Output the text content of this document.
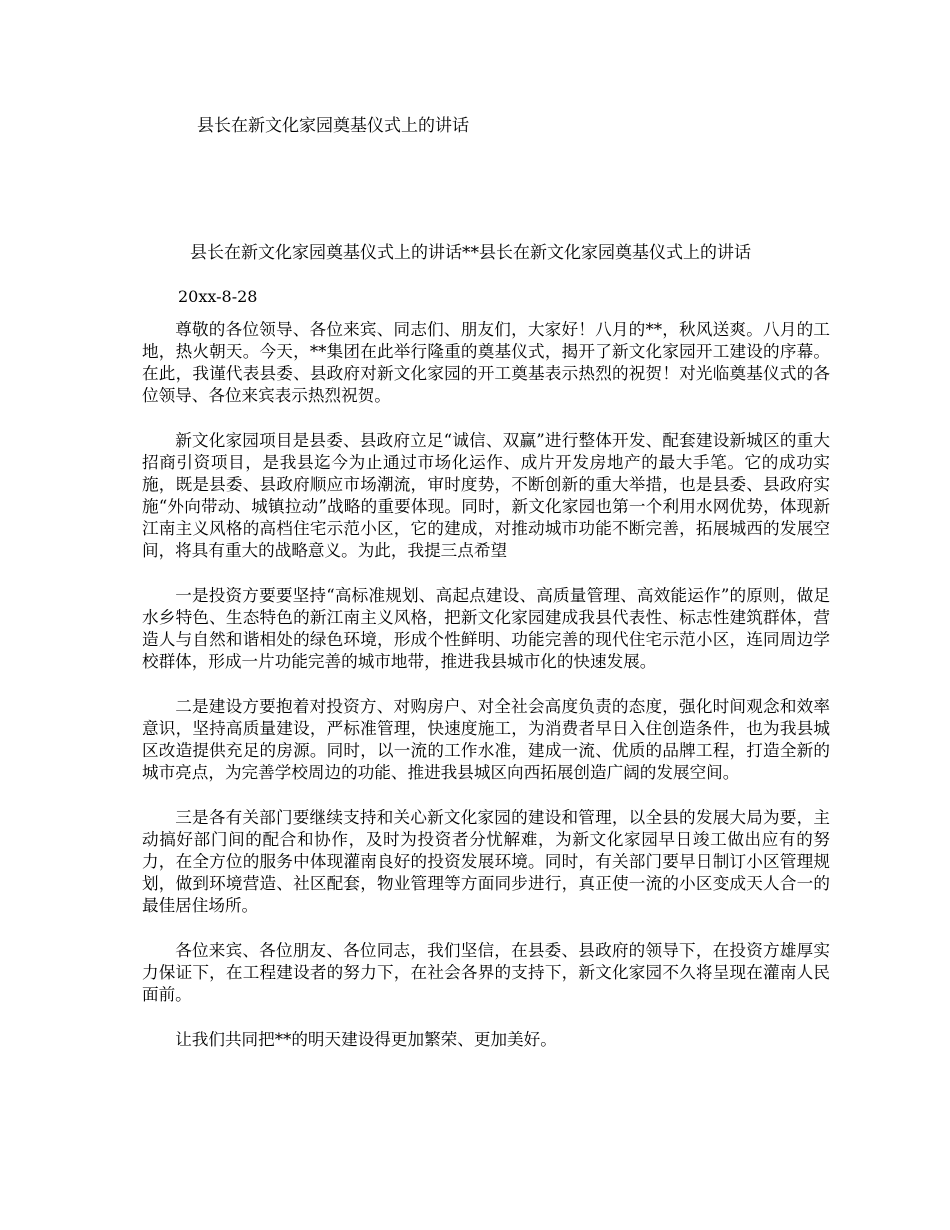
县长在新文化家园奠基仪式上的讲话
县长在新文化家园奠基仪式上的讲话**县长在新文化家园奠基仪式上的讲话
20xx-8-28

尊敬的各位领导、各位来宾、同志们、朋友们，大家好！八月的**，秋风送爽。八月的工地，热火朝天。今天，**集团在此举行隆重的奠基仪式，揭开了新文化家园开工建设的序幕。在此，我谨代表县委、县政府对新文化家园的开工奠基表示热烈的祝贺！对光临奠基仪式的各位领导、各位来宾表示热烈祝贺。

新文化家园项目是县委、县政府立足“诚信、双赢”进行整体开发、配套建设新城区的重大招商引资项目，是我县迄今为止通过市场化运作、成片开发房地产的最大手笔。它的成功实施，既是县委、县政府顺应市场潮流，审时度势，不断创新的重大举措，也是县委、县政府实施“外向带动、城镇拉动”战略的重要体现。同时，新文化家园也第一个利用水网优势，体现新江南主义风格的高档住宅示范小区，它的建成，对推动城市功能不断完善，拓展城西的发展空间，将具有重大的战略意义。为此，我提三点希望

一是投资方要要坚持“高标准规划、高起点建设、高质量管理、高效能运作”的原则，做足水乡特色、生态特色的新江南主义风格，把新文化家园建成我县代表性、标志性建筑群体，营造人与自然和谐相处的绿色环境，形成个性鲜明、功能完善的现代住宅示范小区，连同周边学校群体，形成一片功能完善的城市地带，推进我县城市化的快速发展。

二是建设方要抱着对投资方、对购房户、对全社会高度负责的态度，强化时间观念和效率意识，坚持高质量建设，严标准管理，快速度施工，为消费者早日入住创造条件，也为我县城区改造提供充足的房源。同时，以一流的工作水准，建成一流、优质的品牌工程，打造全新的城市亮点，为完善学校周边的功能、推进我县城区向西拓展创造广阔的发展空间。

三是各有关部门要继续支持和关心新文化家园的建设和管理，以全县的发展大局为要，主动搞好部门间的配合和协作，及时为投资者分忧解难，为新文化家园早日竣工做出应有的努力，在全方位的服务中体现灌南良好的投资发展环境。同时，有关部门要早日制订小区管理规划，做到环境营造、社区配套，物业管理等方面同步进行，真正使一流的小区变成天人合一的最佳居住场所。

各位来宾、各位朋友、各位同志，我们坚信，在县委、县政府的领导下，在投资方雄厚实力保证下，在工程建设者的努力下，在社会各界的支持下，新文化家园不久将呈现在灌南人民面前。

让我们共同把**的明天建设得更加繁荣、更加美好。
